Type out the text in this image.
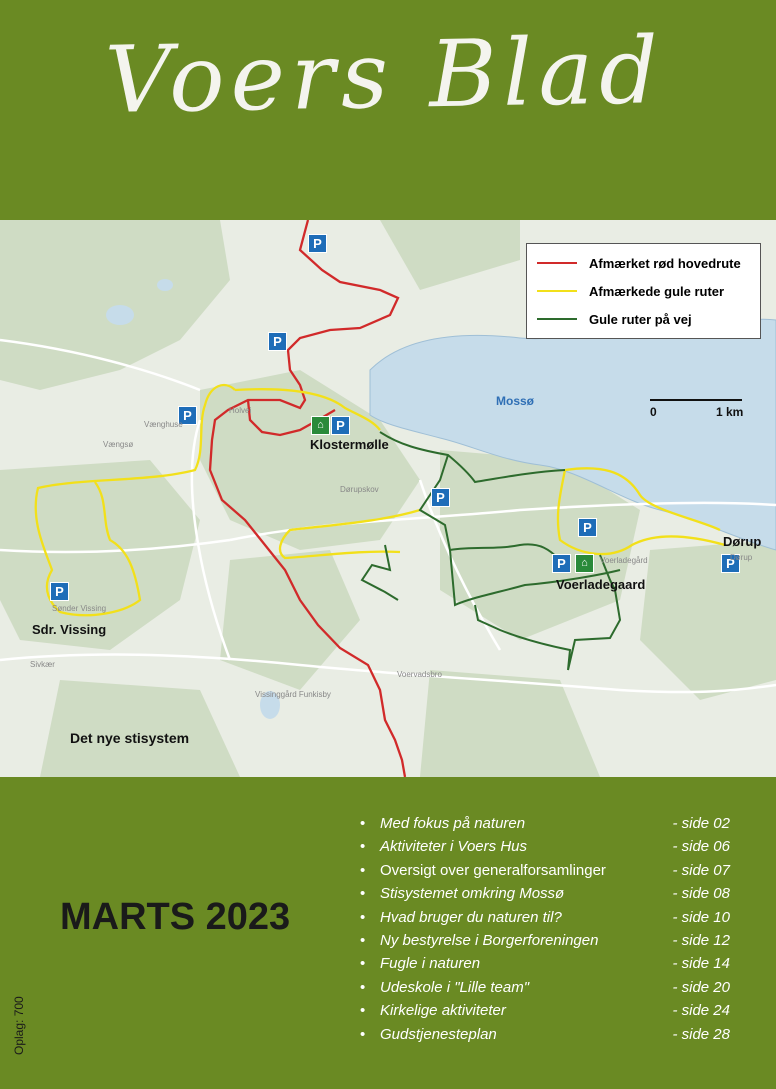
Voers Blad
P
P
P
P
P
P
P	P
P
⌂
⌂
Mossø
Klostermølle
Voerladegaard
Dørup
Sdr. Vissing
Det nye stisystem
0	1 km
Vængsø
Vænghuse
Holvei
Sønder Vissing
Sivkær
Dørupskov
Voervadsbro
Vissinggård Funkisby
Dørup
Voerladegård
Afmærket rød hovedrute
Afmærkede gule ruter
Gule ruter på vej
MARTS 2023
Oplag: 700
• Med fokus på naturen	- side 02
• Aktiviteter i Voers Hus	- side 06
• Oversigt over generalforsamlinger	- side 07
• Stisystemet omkring Mossø	- side 08
• Hvad bruger du naturen til?	- side 10
• Ny bestyrelse i Borgerforeningen	- side 12
• Fugle i naturen	- side 14
• Udeskole i "Lille team"	- side 20
• Kirkelige aktiviteter	- side 24
• Gudstjenesteplan	- side 28
